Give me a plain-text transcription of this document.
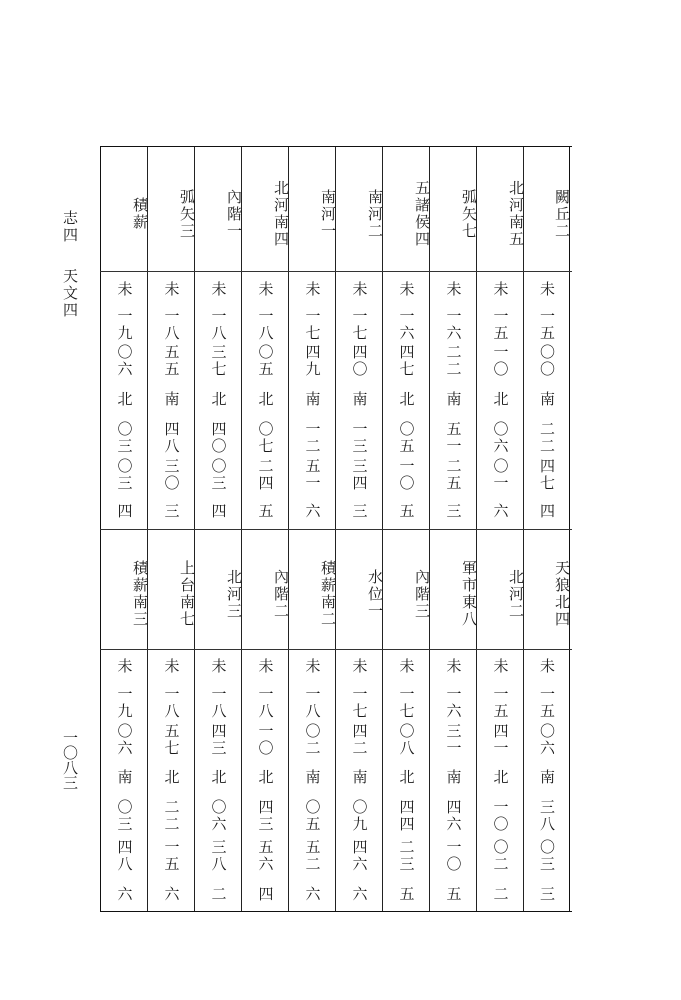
志四
天文四
一〇八三
積薪
未
一九
〇六
北
〇三
〇三
四
積薪南三
未
一九
〇六
南
〇三
四八
六
弧矢三
未
一八
五五
南
四八
三〇
三
上台南七
未
一八
五七
北
二二
一五
六
內階一
未
一八
三七
北
四〇
〇三
四
北河三
未
一八
四三
北
〇六
三八
二
北河南四
未
一八
〇五
北
〇七
二四
五
內階二
未
一八
一〇
北
四三
五六
四
南河一
未
一七
四九
南
一二
五一
六
積薪南二
未
一八
〇二
南
〇五
五二
六
南河二
未
一七
四〇
南
一三
三四
三
水位一
未
一七
四二
南
〇九
四六
六
五諸侯四
未
一六
四七
北
〇五
一〇
五
內階三
未
一七
〇八
北
四四
二三
五
弧矢七
未
一六
二二
南
五一
二五
三
軍市東八
未
一六
三一
南
四六
一〇
五
北河南五
未
一五
一〇
北
〇六
〇一
六
北河二
未
一五
四一
北
一〇
〇二
二
闕丘二
未
一五
〇〇
南
二二
四七
四
天狼北四
未
一五
〇六
南
三八
〇三
三
